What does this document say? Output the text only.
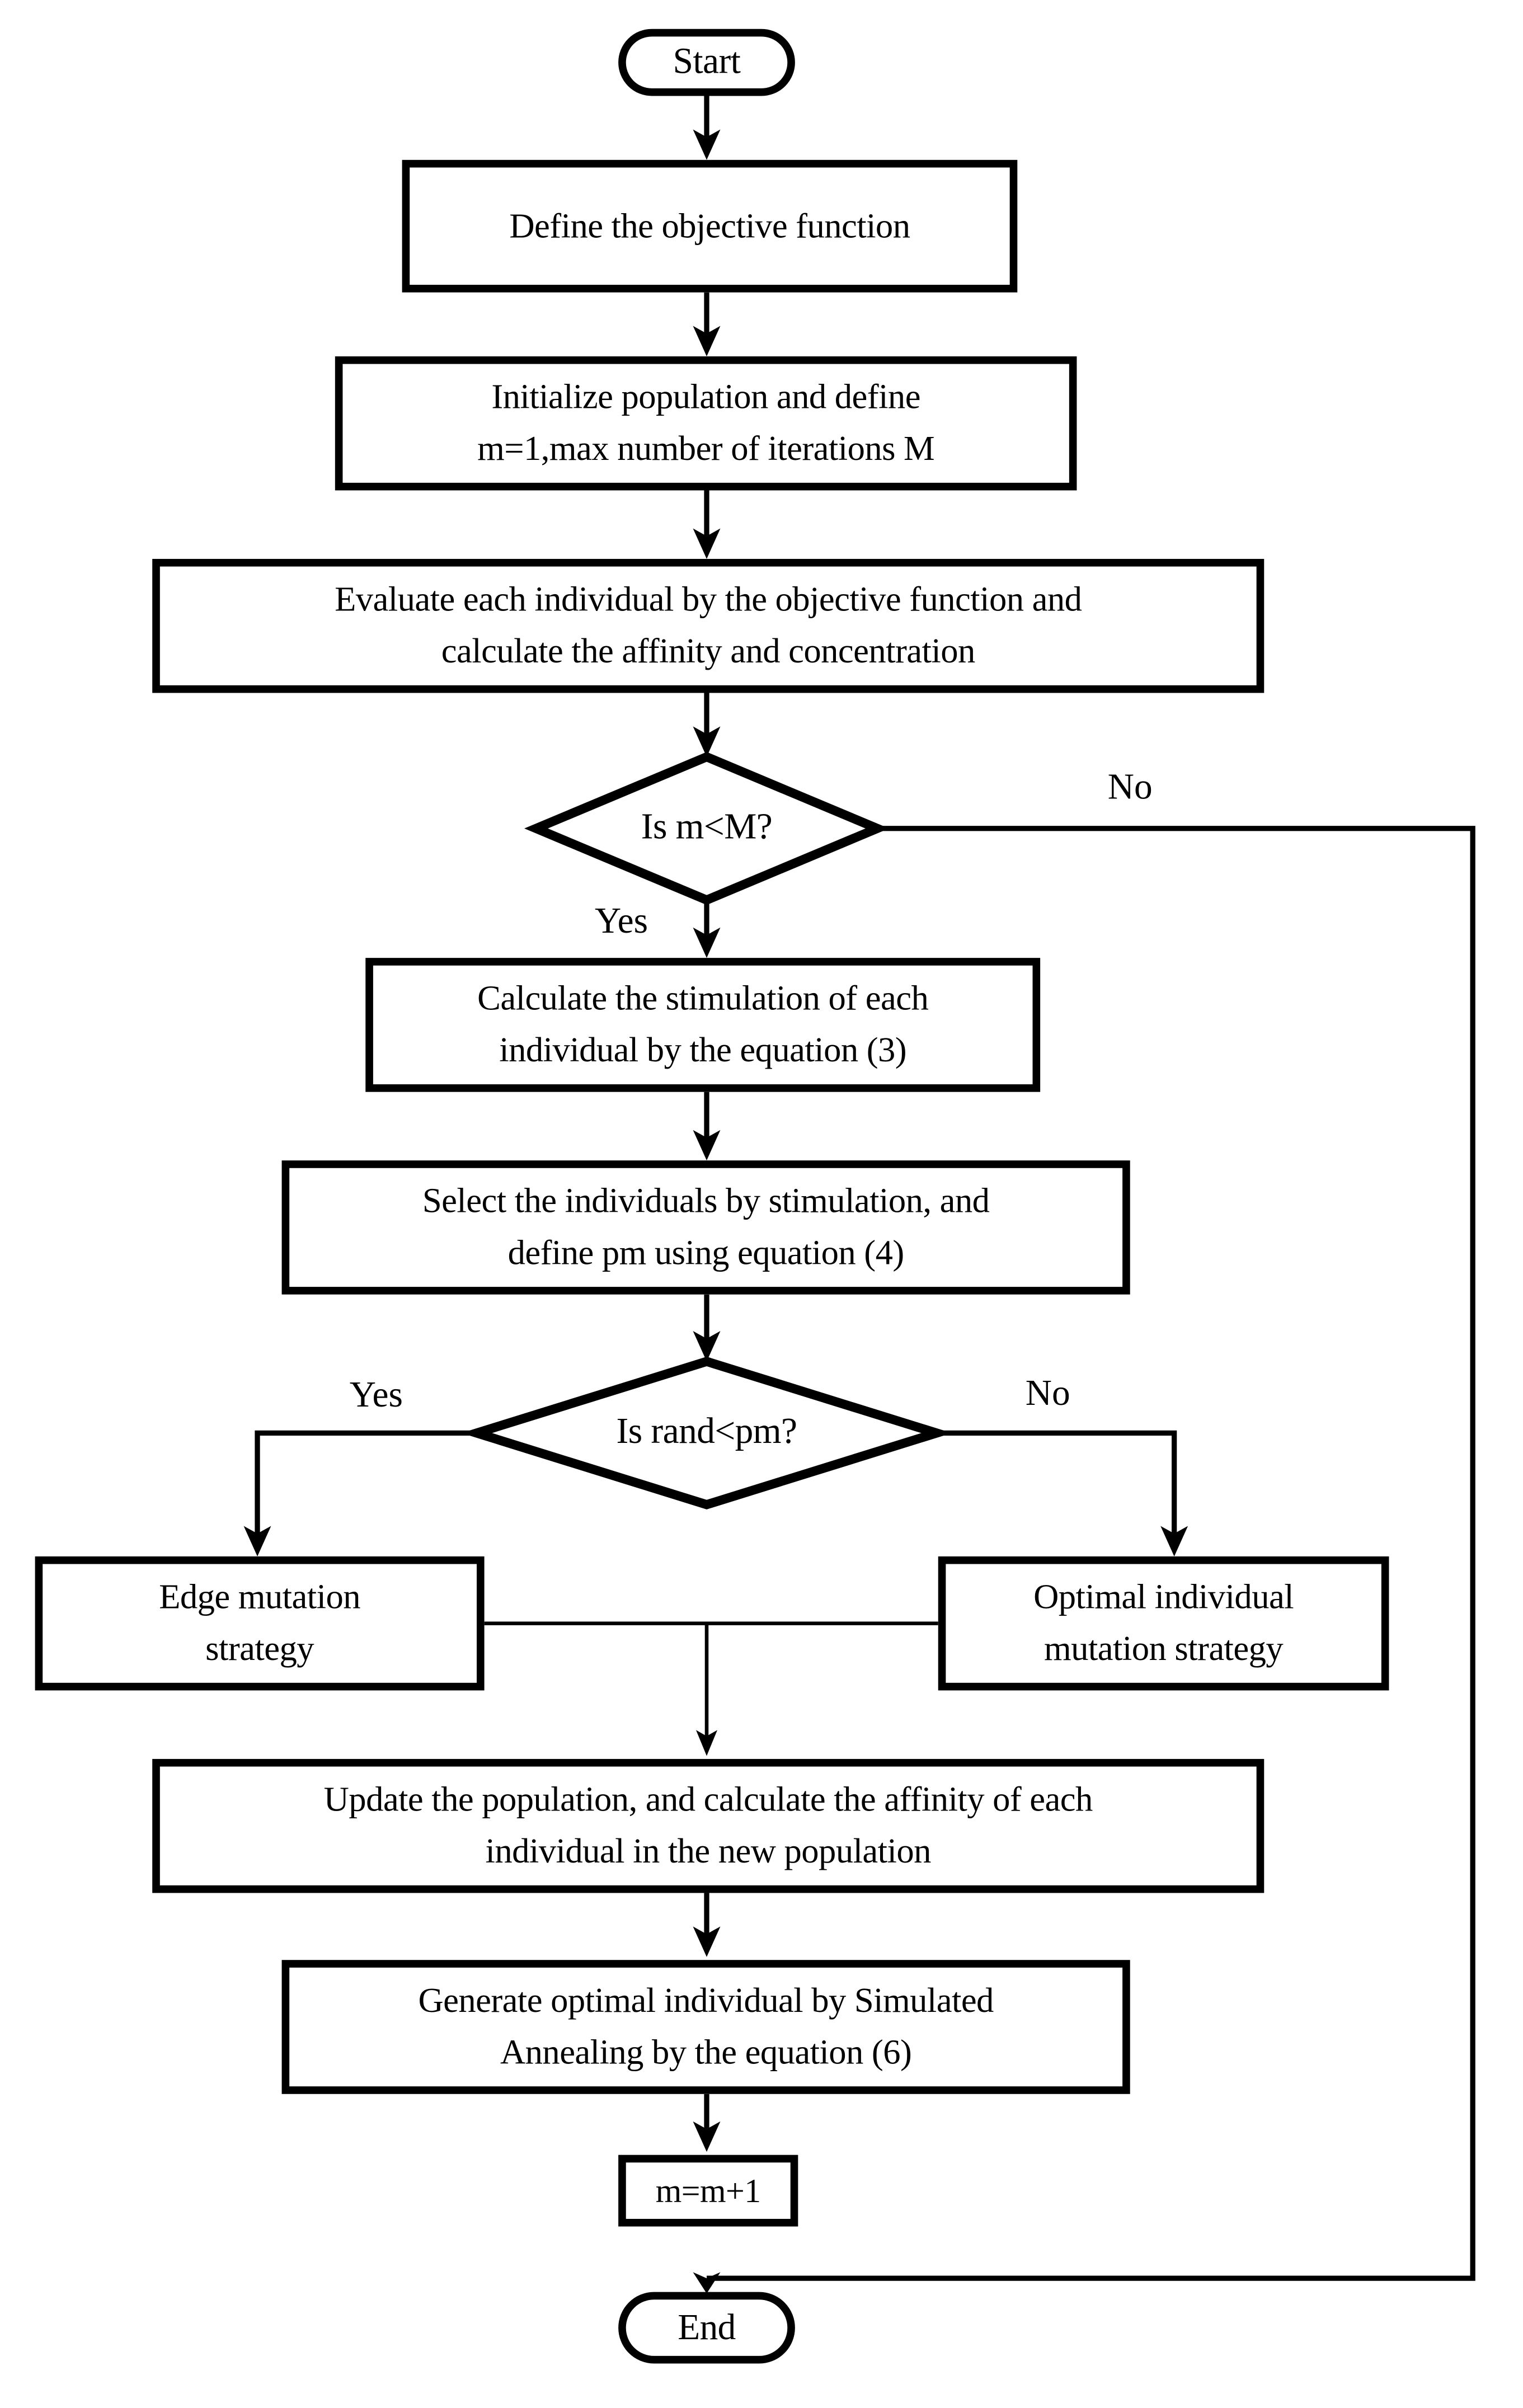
Start
Define the objective function
Initialize population and define
m=1,max number of iterations M
Evaluate each individual by the objective function and
calculate the affinity and concentration
Is m<M?
No
Yes
Calculate the stimulation of each
individual by the equation (3)
Select the individuals by stimulation, and
define pm using equation (4)
Is rand<pm?
Yes	No
Edge mutation
strategy
Optimal individual
mutation strategy
Update the population, and calculate the affinity of each
individual in the new population
Generate optimal individual by Simulated
Annealing by the equation (6)
m=m+1
End
